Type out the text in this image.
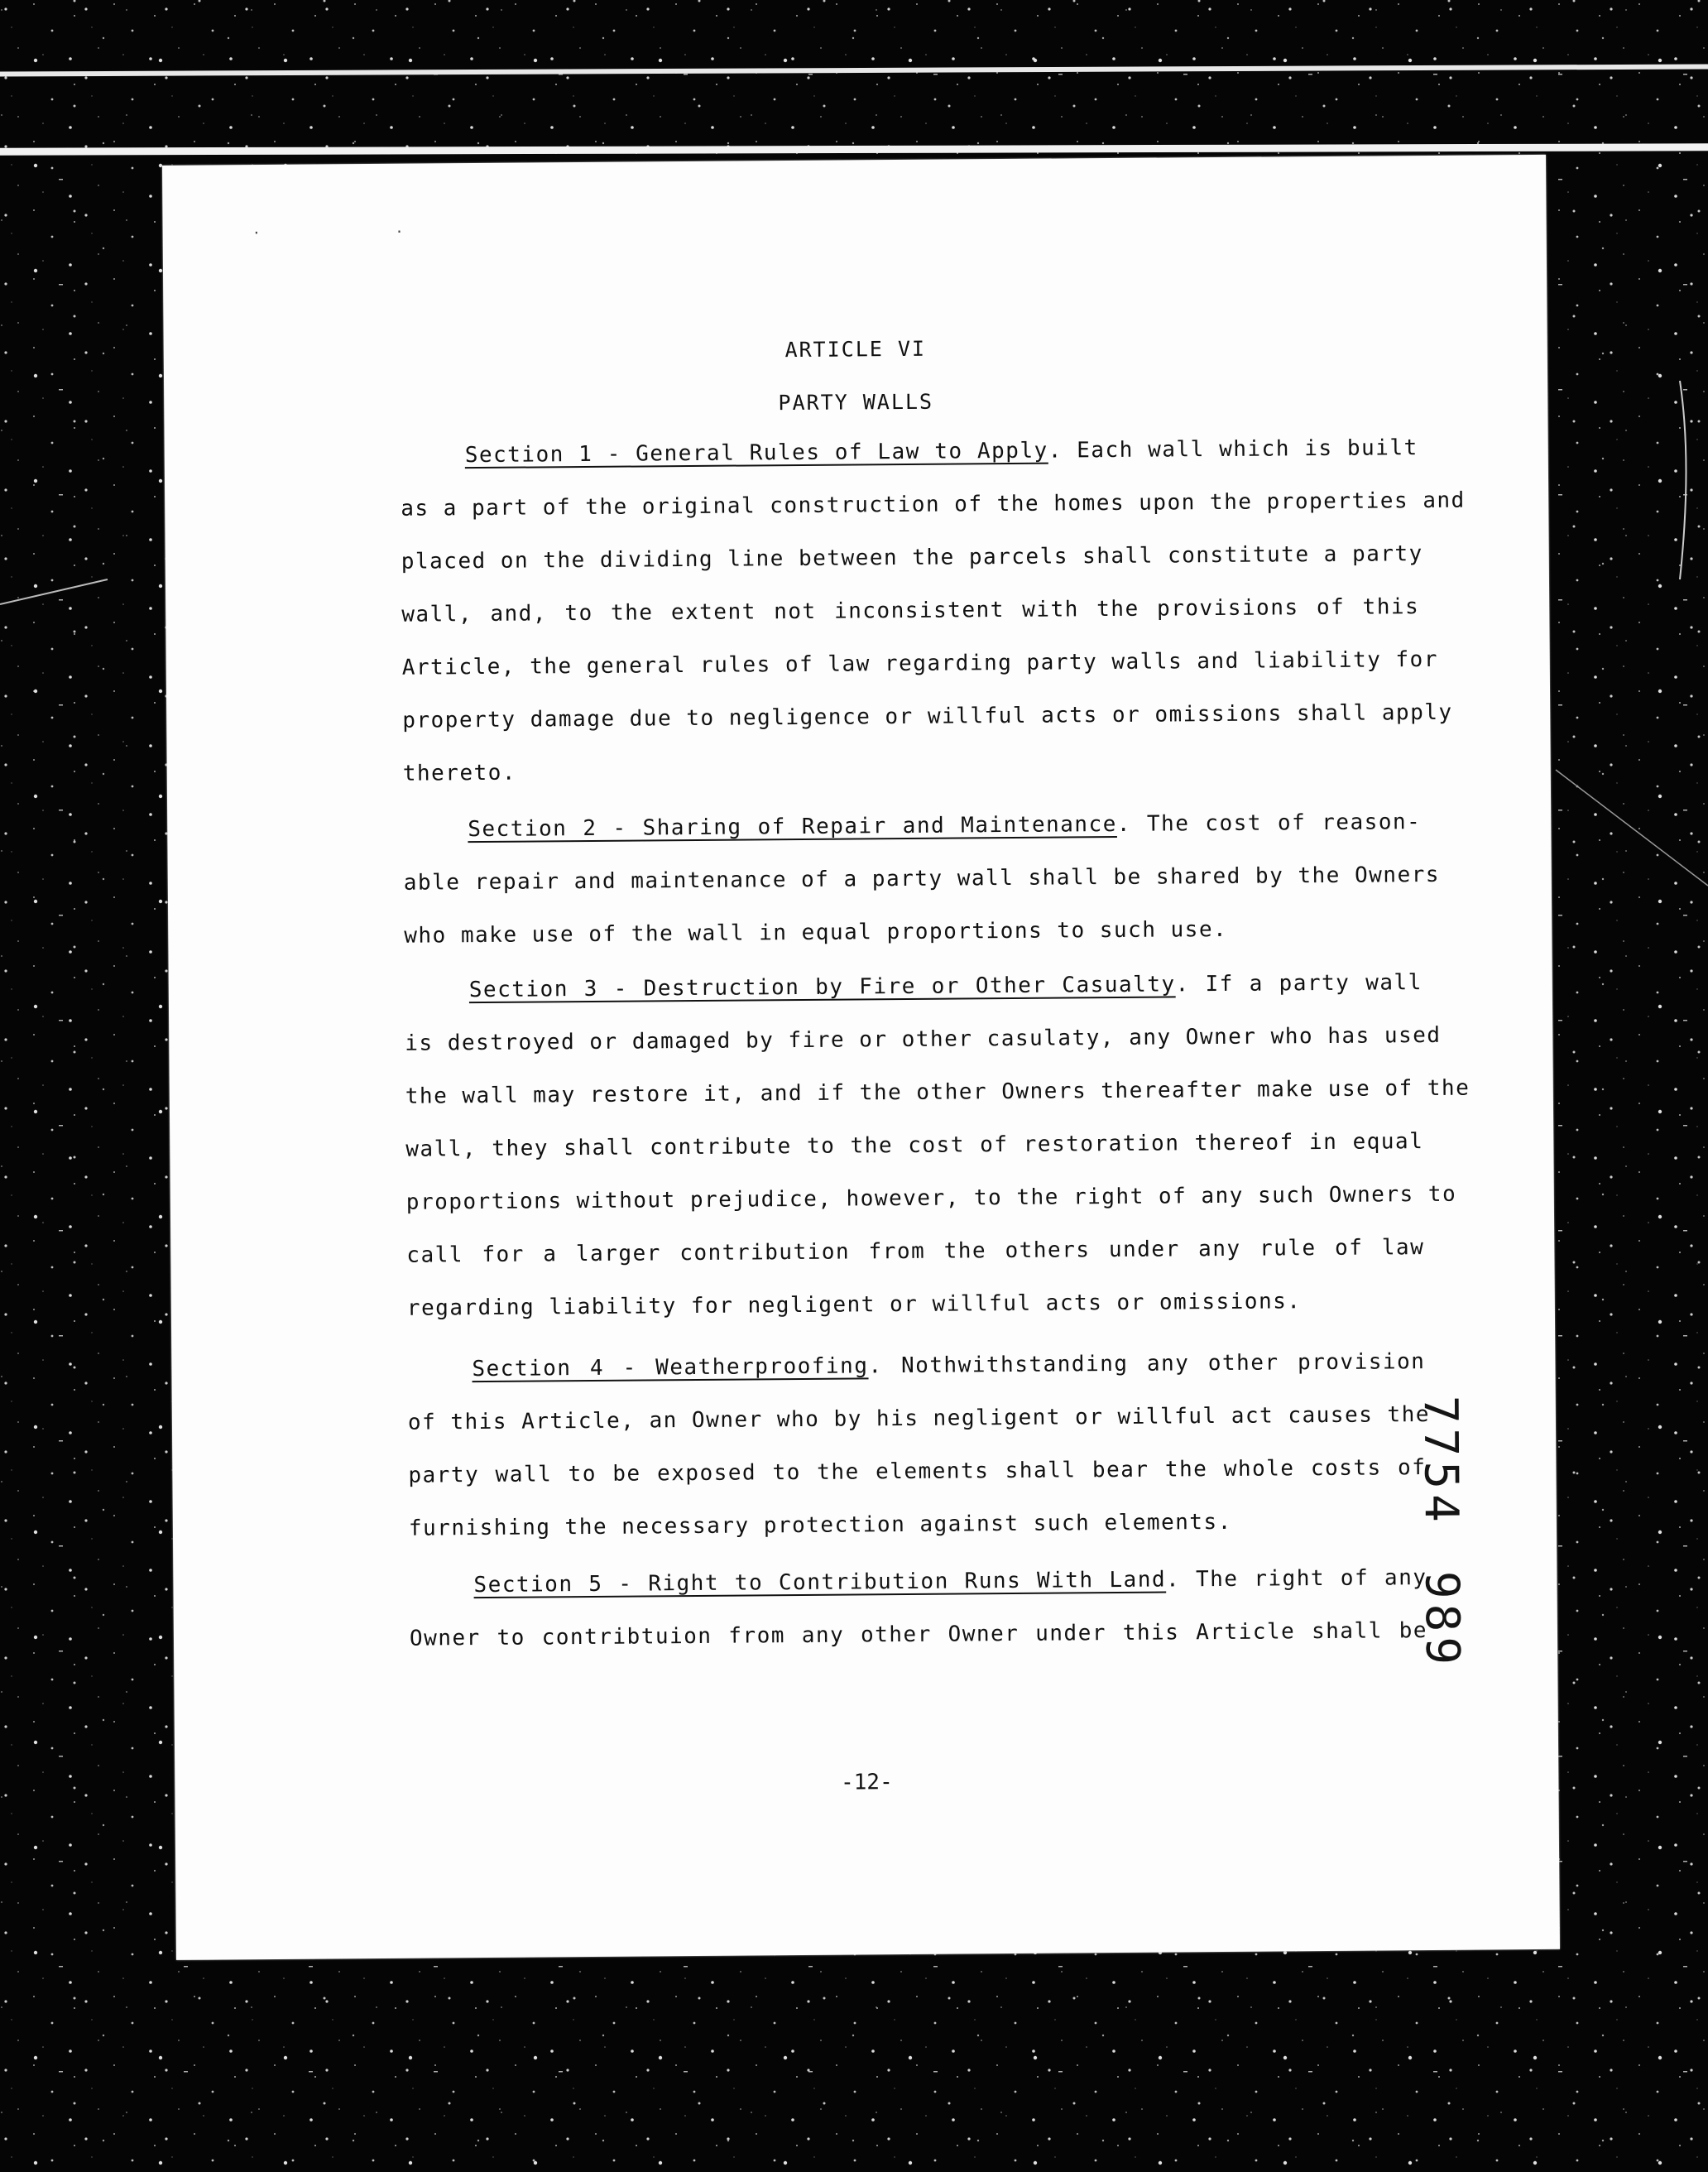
· ·
ARTICLE VI
PARTY WALLS
Section 1 - General Rules of Law to Apply. Each wall which is built
as a part of the original construction of the homes upon the properties and
placed on the dividing line between the parcels shall constitute a party
wall, and, to the extent not inconsistent with the provisions of this
Article, the general rules of law regarding party walls and liability for
property damage due to negligence or willful acts or omissions shall apply
thereto.
Section 2 - Sharing of Repair and Maintenance. The cost of reason-
able repair and maintenance of a party wall shall be shared by the Owners
who make use of the wall in equal proportions to such use.
Section 3 - Destruction by Fire or Other Casualty. If a party wall
is destroyed or damaged by fire or other casulaty, any Owner who has used
the wall may restore it, and if the other Owners thereafter make use of the
wall, they shall contribute to the cost of restoration thereof in equal
proportions without prejudice, however, to the right of any such Owners to
call for a larger contribution from the others under any rule of law
regarding liability for negligent or willful acts or omissions.
Section 4 - Weatherproofing. Nothwithstanding any other provision
of this Article, an Owner who by his negligent or willful act causes the
party wall to be exposed to the elements shall bear the whole costs of
furnishing the necessary protection against such elements.
Section 5 - Right to Contribution Runs With Land. The right of any
Owner to contribtuion from any other Owner under this Article shall be
-12-
7754
989
